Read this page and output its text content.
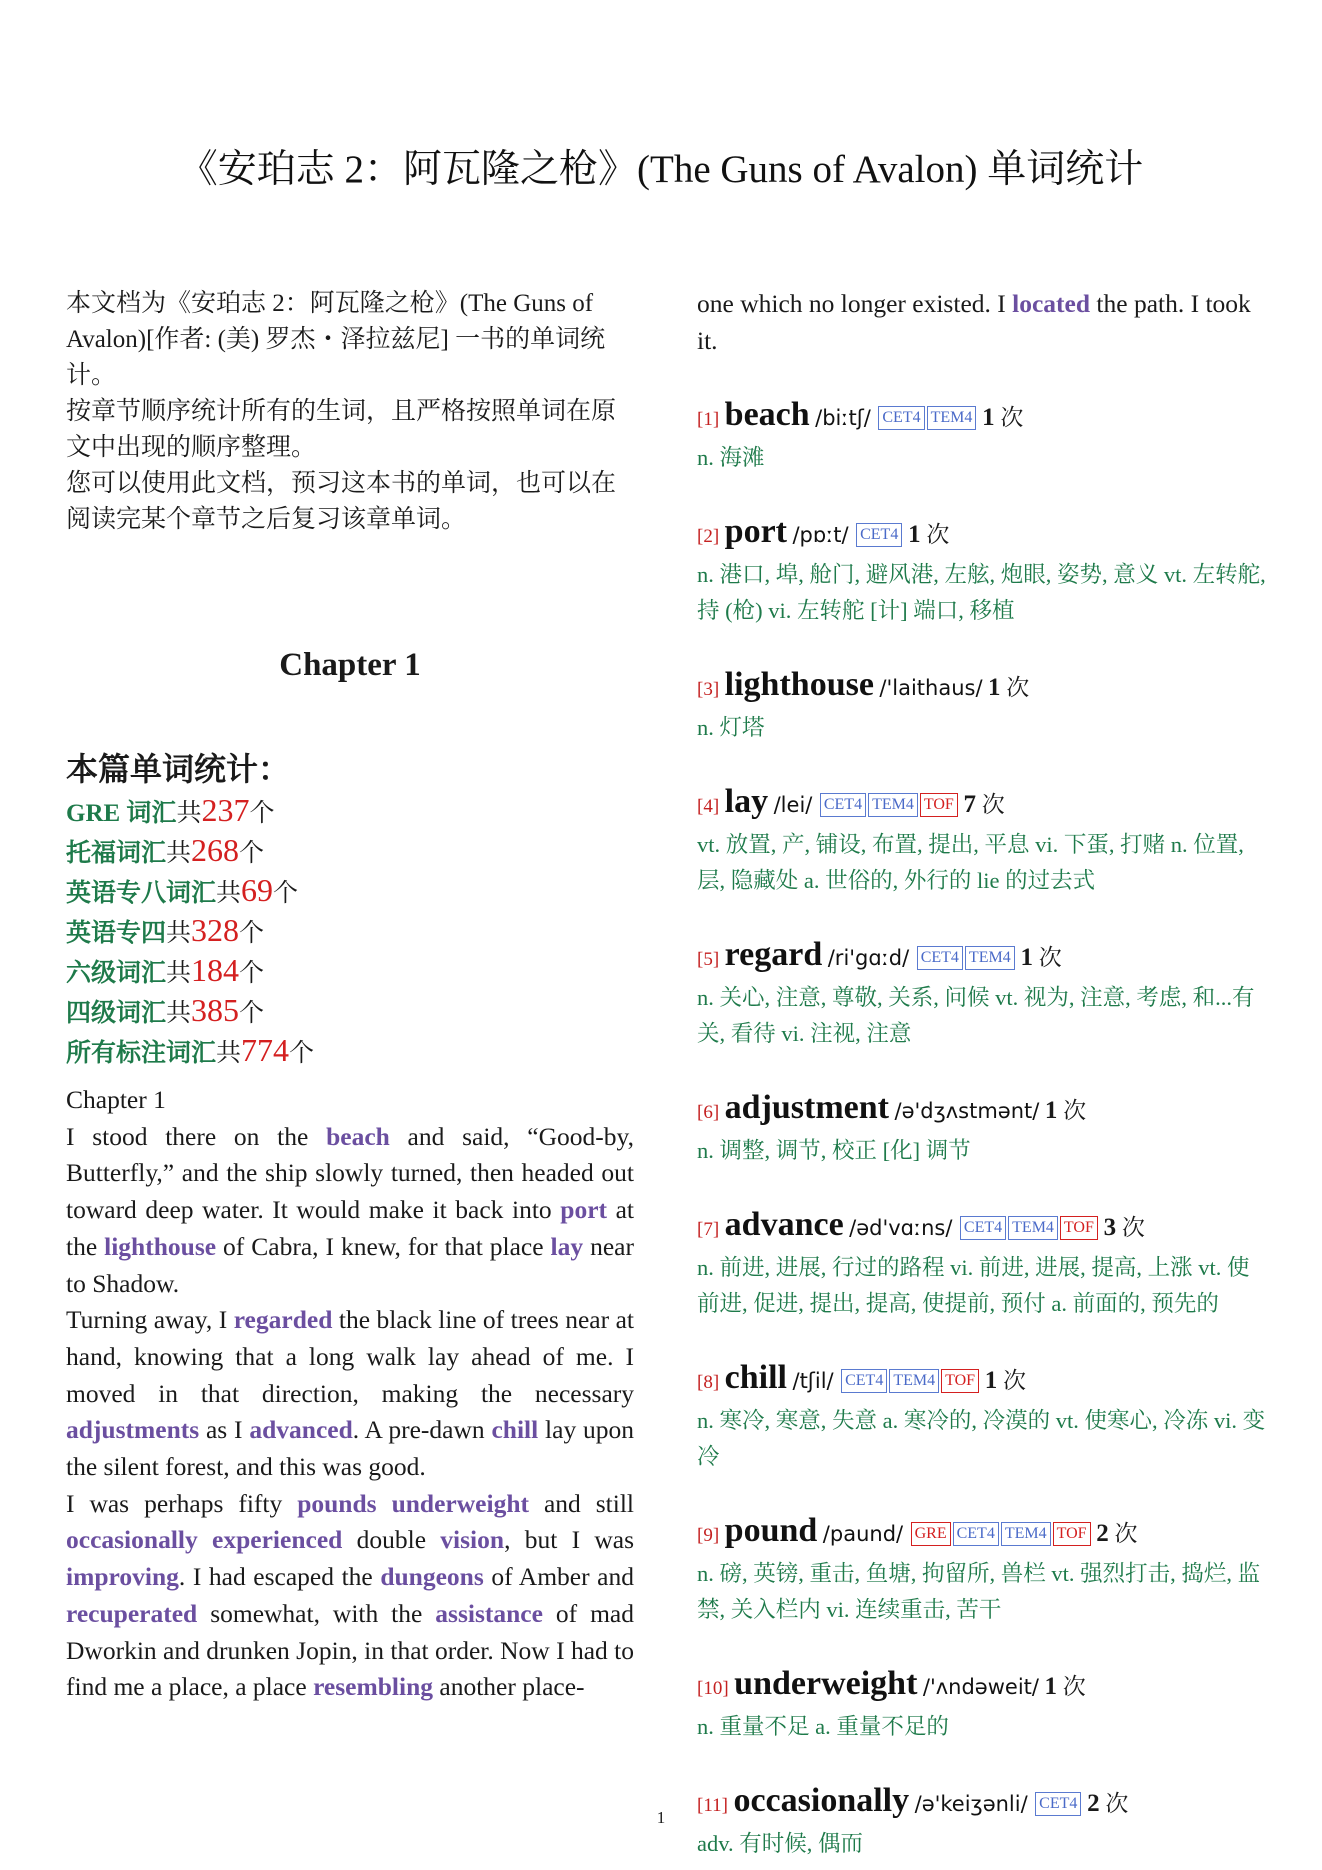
《安珀志 2：阿瓦隆之枪》(The Guns of Avalon) 单词统计

本文档为《安珀志 2：阿瓦隆之枪》(The Guns of Avalon)[作者: (美) 罗杰・泽拉兹尼] 一书的单词统计。

按章节顺序统计所有的生词，且严格按照单词在原文中出现的顺序整理。

您可以使用此文档，预习这本书的单词，也可以在阅读完某个章节之后复习该章单词。

Chapter 1
本篇单词统计：
GRE 词汇共237个
托福词汇共268个
英语专八词汇共69个
英语专四共328个
六级词汇共184个
四级词汇共385个
所有标注词汇共774个

Chapter 1

I stood there on the beach and said, “Good-by, Butterfly,” and the ship slowly turned, then headed out toward deep water. It would make it back into port at the lighthouse of Cabra, I knew, for that place lay near to Shadow.

Turning away, I regarded the black line of trees near at hand, knowing that a long walk lay ahead of me. I moved in that direction, making the necessary adjustments as I advanced. A pre-dawn chill lay upon the silent forest, and this was good.

I was perhaps fifty pounds underweight and still occasionally experienced double vision, but I was improving. I had escaped the dungeons of Amber and recuperated somewhat, with the assistance of mad Dworkin and drunken Jopin, in that order. Now I had to find me a place, a place resembling another place-

one which no longer existed. I located the path. I took it.

[1] beach /biːtʃ/ CET4 TEM4 1 次
n. 海滩
[2] port /pɒːt/ CET4 1 次
n. 港口, 埠, 舱门, 避风港, 左舷, 炮眼, 姿势, 意义 vt. 左转舵, 持 (枪) vi. 左转舵 [计] 端口, 移植
[3] lighthouse /'laithaus/ 1 次
n. 灯塔
[4] lay /lei/ CET4 TEM4 TOF 7 次
vt. 放置, 产, 铺设, 布置, 提出, 平息 vi. 下蛋, 打赌 n. 位置, 层, 隐藏处 a. 世俗的, 外行的 lie 的过去式
[5] regard /ri'gɑːd/ CET4 TEM4 1 次
n. 关心, 注意, 尊敬, 关系, 问候 vt. 视为, 注意, 考虑, 和...有关, 看待 vi. 注视, 注意
[6] adjustment /ə'dʒʌstmənt/ 1 次
n. 调整, 调节, 校正 [化] 调节
[7] advance /əd'vɑːns/ CET4 TEM4 TOF 3 次
n. 前进, 进展, 行过的路程 vi. 前进, 进展, 提高, 上涨 vt. 使前进, 促进, 提出, 提高, 使提前, 预付 a. 前面的, 预先的
[8] chill /tʃil/ CET4 TEM4 TOF 1 次
n. 寒冷, 寒意, 失意 a. 寒冷的, 冷漠的 vt. 使寒心, 冷冻 vi. 变冷
[9] pound /paund/ GRE CET4 TEM4 TOF 2 次
n. 磅, 英镑, 重击, 鱼塘, 拘留所, 兽栏 vt. 强烈打击, 捣烂, 监禁, 关入栏内 vi. 连续重击, 苦干
[10] underweight /'ʌndəweit/ 1 次
n. 重量不足 a. 重量不足的
[11] occasionally /ə'keiʒənli/ CET4 2 次
adv. 有时候, 偶而
1
